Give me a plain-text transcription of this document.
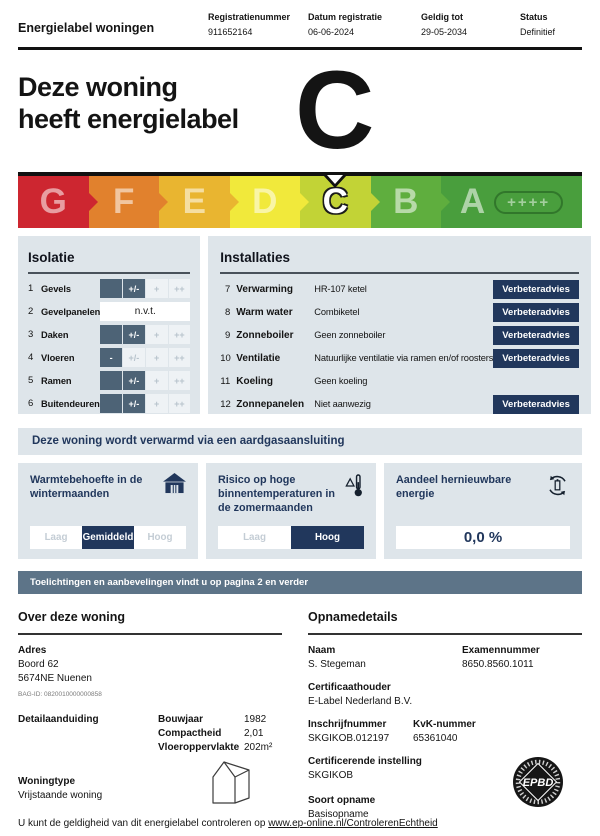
Energielabel woningen
Registratienummer
911652164
Datum registratie
06-06-2024
Geldig tot
29-05-2034
Status
Definitief
Deze woning
heeft energielabel C
G F E D C B A	++++
Isolatie
1 Gevels	+/-	+	++
2 Gevelpanelen	n.v.t.
3 Daken	+/-	+	++
4 Vloeren	-	+/-	+	++
5 Ramen	+/-	+	++
6 Buitendeuren	+/-	+	++
Installaties
7 Verwarming	HR-107 ketel	Verbeteradvies
8 Warm water	Combiketel	Verbeteradvies
9 Zonneboiler	Geen zonneboiler	Verbeteradvies
10 Ventilatie	Natuurlijke ventilatie via ramen en/of roosters Verbeteradvies
11 Koeling	Geen koeling
12 Zonnepanelen	Niet aanwezig	Verbeteradvies
Deze woning wordt verwarmd via een aardgasaansluiting
Warmtebehoefte in de wintermaanden
Laag	Gemiddeld	Hoog
Risico op hoge binnentemperaturen in de zomermaanden
Laag	Hoog
Aandeel hernieuwbare energie
0,0 %
Toelichtingen en aanbevelingen vindt u op pagina 2 en verder
Over deze woning
Adres
Boord 62
5674NE Nuenen
BAG-ID: 0820010000000858
Detailaanduiding	Bouwjaar	1982
Compactheid	2,01
Vloeroppervlakte 202m²
Woningtype
Vrijstaande woning
Opnamedetails
Naam
S. Stegeman
Examennummer
8650.8560.1011
Certificaathouder
E-Label Nederland B.V.
Inschrijfnummer
SKGIKOB.012197
KvK-nummer
65361040
Certificerende instelling
SKGIKOB
Soort opname
Basisopname
EPBD
U kunt de geldigheid van dit energielabel controleren op www.ep-online.nl/ControlerenEchtheid
